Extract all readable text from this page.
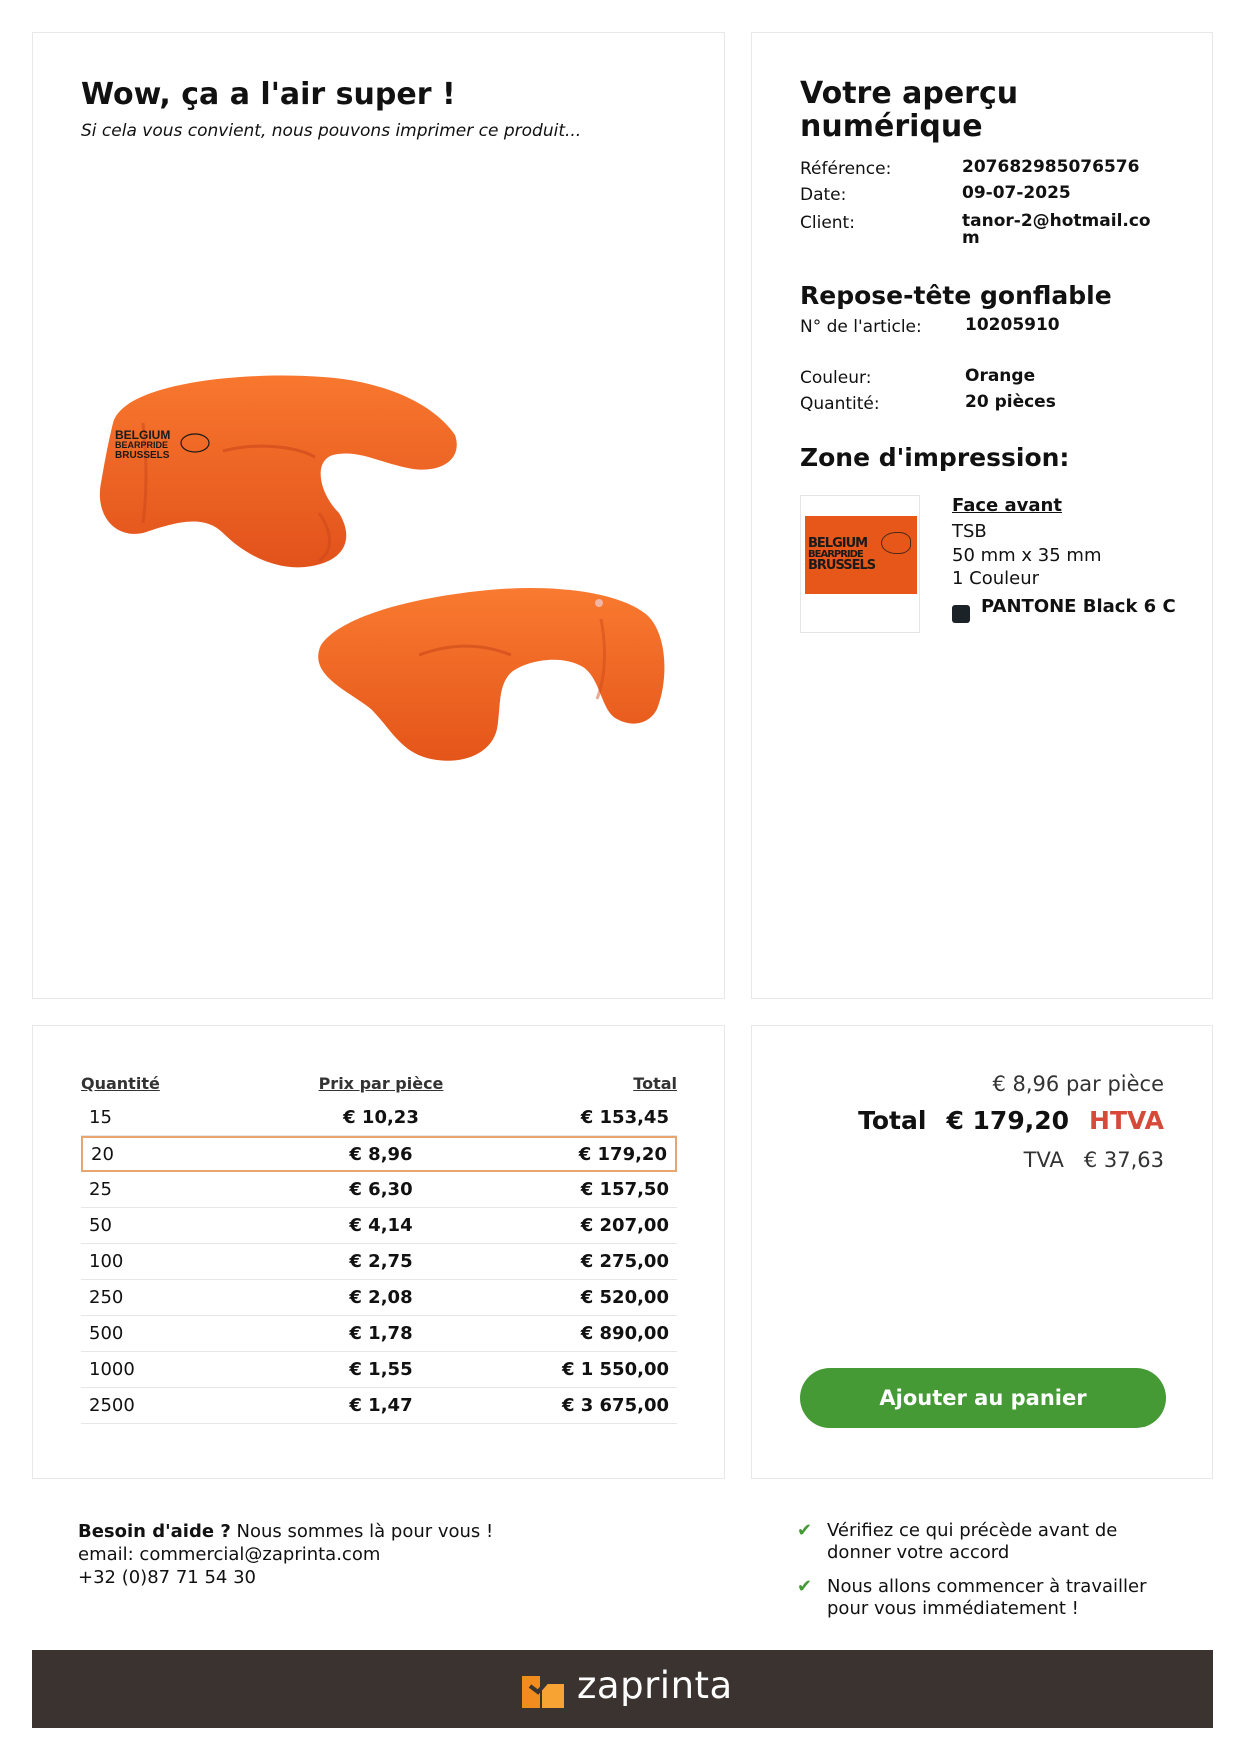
Wow, ça a l'air super !
Si cela vous convient, nous pouvons imprimer ce produit...
BELGIUM
BEARPRIDE
BRUSSELS
Votre aperçu numérique
Référence:	207682985076576
Date:	09-07-2025
Client:	tanor-2@hotmail.com
Repose-tête gonflable
N° de l'article:	10205910
Couleur:	Orange
Quantité:	20 pièces
Zone d'impression:
BELGIUM
BEARPRIDE
BRUSSELS
Face avant
TSB
50 mm x 35 mm
1 Couleur
PANTONE Black 6 C
Quantité	Prix par pièce	Total
15	€ 10,23	€ 153,45
20	€ 8,96	€ 179,20
25	€ 6,30	€ 157,50
50	€ 4,14	€ 207,00
100	€ 2,75	€ 275,00
250	€ 2,08	€ 520,00
500	€ 1,78	€ 890,00
1000	€ 1,55	€ 1 550,00
2500	€ 1,47	€ 3 675,00
€ 8,96 par pièce
Total € 179,20 HTVA
TVA € 37,63
Ajouter au panier
Besoin d'aide ? Nous sommes là pour vous !
email: commercial@zaprinta.com
+32 (0)87 71 54 30
✔ Vérifiez ce qui précède avant de donner votre accord
✔ Nous allons commencer à travailler pour vous immédiatement !
zaprinta
